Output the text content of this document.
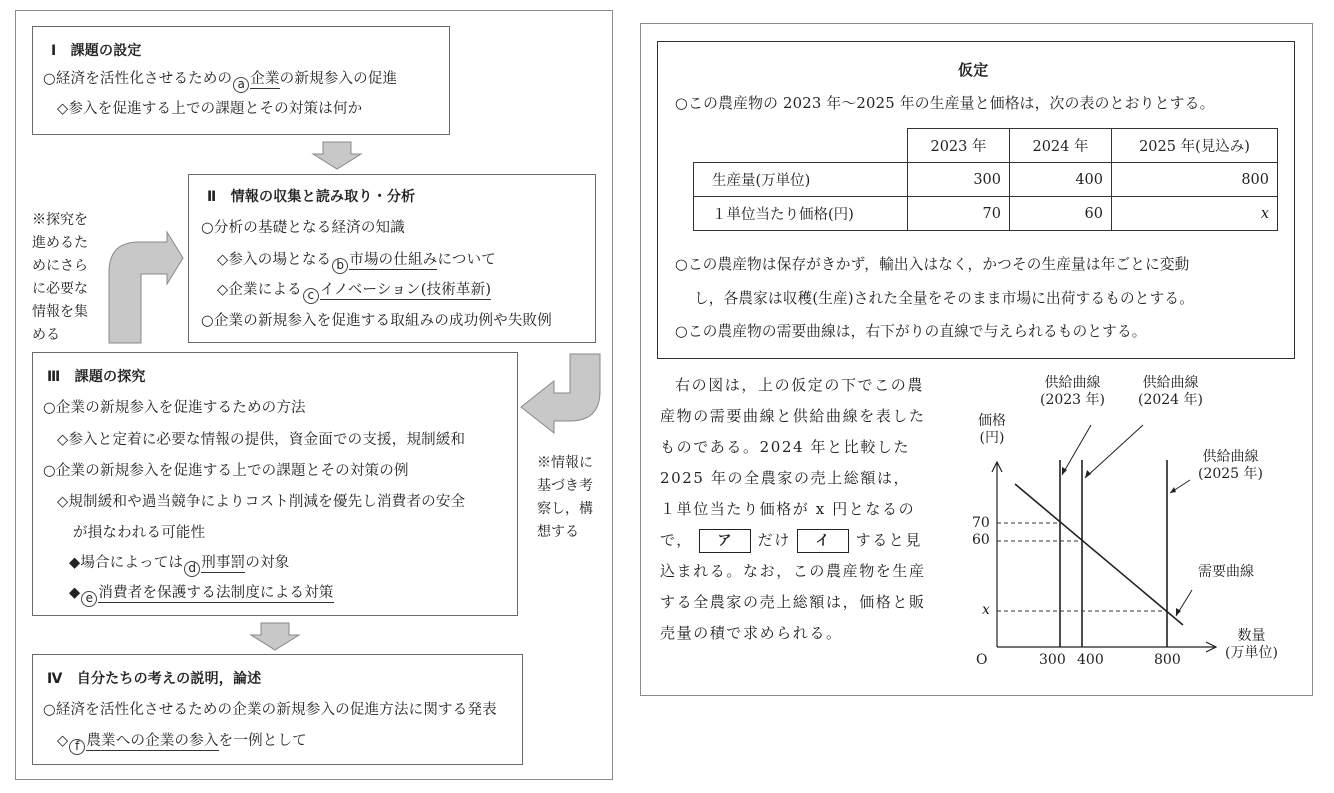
Ⅰ　課題の設定
○経済を活性化させるための a 企業の新規参入の促進
◇参入を促進する上での課題とその対策は何か
※探究を
進めるた
めにさら
に必要な
情報を集
める
Ⅱ　情報の収集と読み取り・分析
○分析の基礎となる経済の知識
◇参入の場となる b 市場の仕組みについて
◇企業による c イノベーション(技術革新)
○企業の新規参入を促進する取組みの成功例や失敗例
Ⅲ　課題の探究
○企業の新規参入を促進するための方法
◇参入と定着に必要な情報の提供，資金面での支援，規制緩和
○企業の新規参入を促進する上での課題とその対策の例
◇規制緩和や過当競争によりコスト削減を優先し消費者の安全
が損なわれる可能性
◆場合によっては d 刑事罰の対象
◆ e 消費者を保護する法制度による対策
※情報に
基づき考
察し，構
想する
Ⅳ　自分たちの考えの説明，論述
○経済を活性化させるための企業の新規参入の促進方法に関する発表
◇ f 農業への企業の参入を一例として
仮定
○この農産物の 2023 年～2025 年の生産量と価格は，次の表のとおりとする。
	2023 年	2024 年	2025 年(見込み)
生産量(万単位)	300	400	800
１単位当たり価格(円)	70	60	x
○この農産物は保存がきかず，輸出入はなく，かつその生産量は年ごとに変動
し，各農家は収穫(生産)された全量をそのまま市場に出荷するものとする。
○この農産物の需要曲線は，右下がりの直線で与えられるものとする。
右の図は，上の仮定の下でこの農
産物の需要曲線と供給曲線を表した
ものである。2024 年と比較した
2025 年の全農家の売上総額は，
１単位当たり価格が x 円となるの
で， ア だけ イ すると見
込まれる。なお，この農産物を生産
する全農家の売上総額は，価格と販
売量の積で求められる。
供給曲線
(2023 年)
供給曲線
(2024 年)
供給曲線
(2025 年)
価格
(円)
需要曲線
数量
(万単位)
70
60
x
O	300 400	800
